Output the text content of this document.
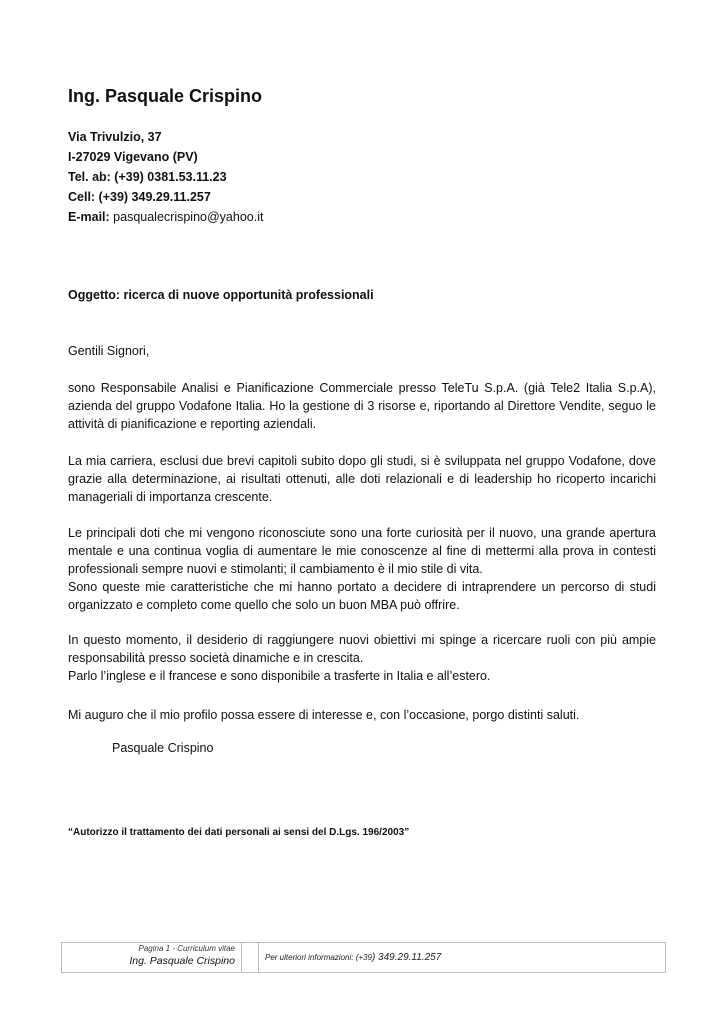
Ing. Pasquale Crispino
Via Trivulzio, 37
I-27029 Vigevano (PV)
Tel. ab: (+39) 0381.53.11.23
Cell: (+39) 349.29.11.257
E-mail: pasqualecrispino@yahoo.it
Oggetto: ricerca di nuove opportunità professionali
Gentili Signori,

sono Responsabile Analisi e Pianificazione Commerciale presso TeleTu S.p.A. (già Tele2 Italia S.p.A), azienda del gruppo Vodafone Italia. Ho la gestione di 3 risorse e, riportando al Direttore Vendite, seguo le attività di pianificazione e reporting aziendali.

La mia carriera, esclusi due brevi capitoli subito dopo gli studi, si è sviluppata nel gruppo Vodafone, dove grazie alla determinazione, ai risultati ottenuti, alle doti relazionali e di leadership ho ricoperto incarichi manageriali di importanza crescente.

Le principali doti che mi vengono riconosciute sono una forte curiosità per il nuovo, una grande apertura mentale e una continua voglia di aumentare le mie conoscenze al fine di mettermi alla prova in contesti professionali sempre nuovi e stimolanti; il cambiamento è il mio stile di vita.

Sono queste mie caratteristiche che mi hanno portato a decidere di intraprendere un percorso di studi organizzato e completo come quello che solo un buon MBA può offrire.

In questo momento, il desiderio di raggiungere nuovi obiettivi mi spinge a ricercare ruoli con più ampie responsabilità presso società dinamiche e in crescita.

Parlo l’inglese e il francese e sono disponibile a trasferte in Italia e all’estero.

Mi auguro che il mio profilo possa essere di interesse e, con l’occasione, porgo distinti saluti.

Pasquale Crispino
“Autorizzo il trattamento dei dati personali ai sensi del D.Lgs. 196/2003”
Pagina 1 - Curriculum vitae
Ing. Pasquale Crispino	Per ulteriori informazioni: (+39) 349.29.11.257
